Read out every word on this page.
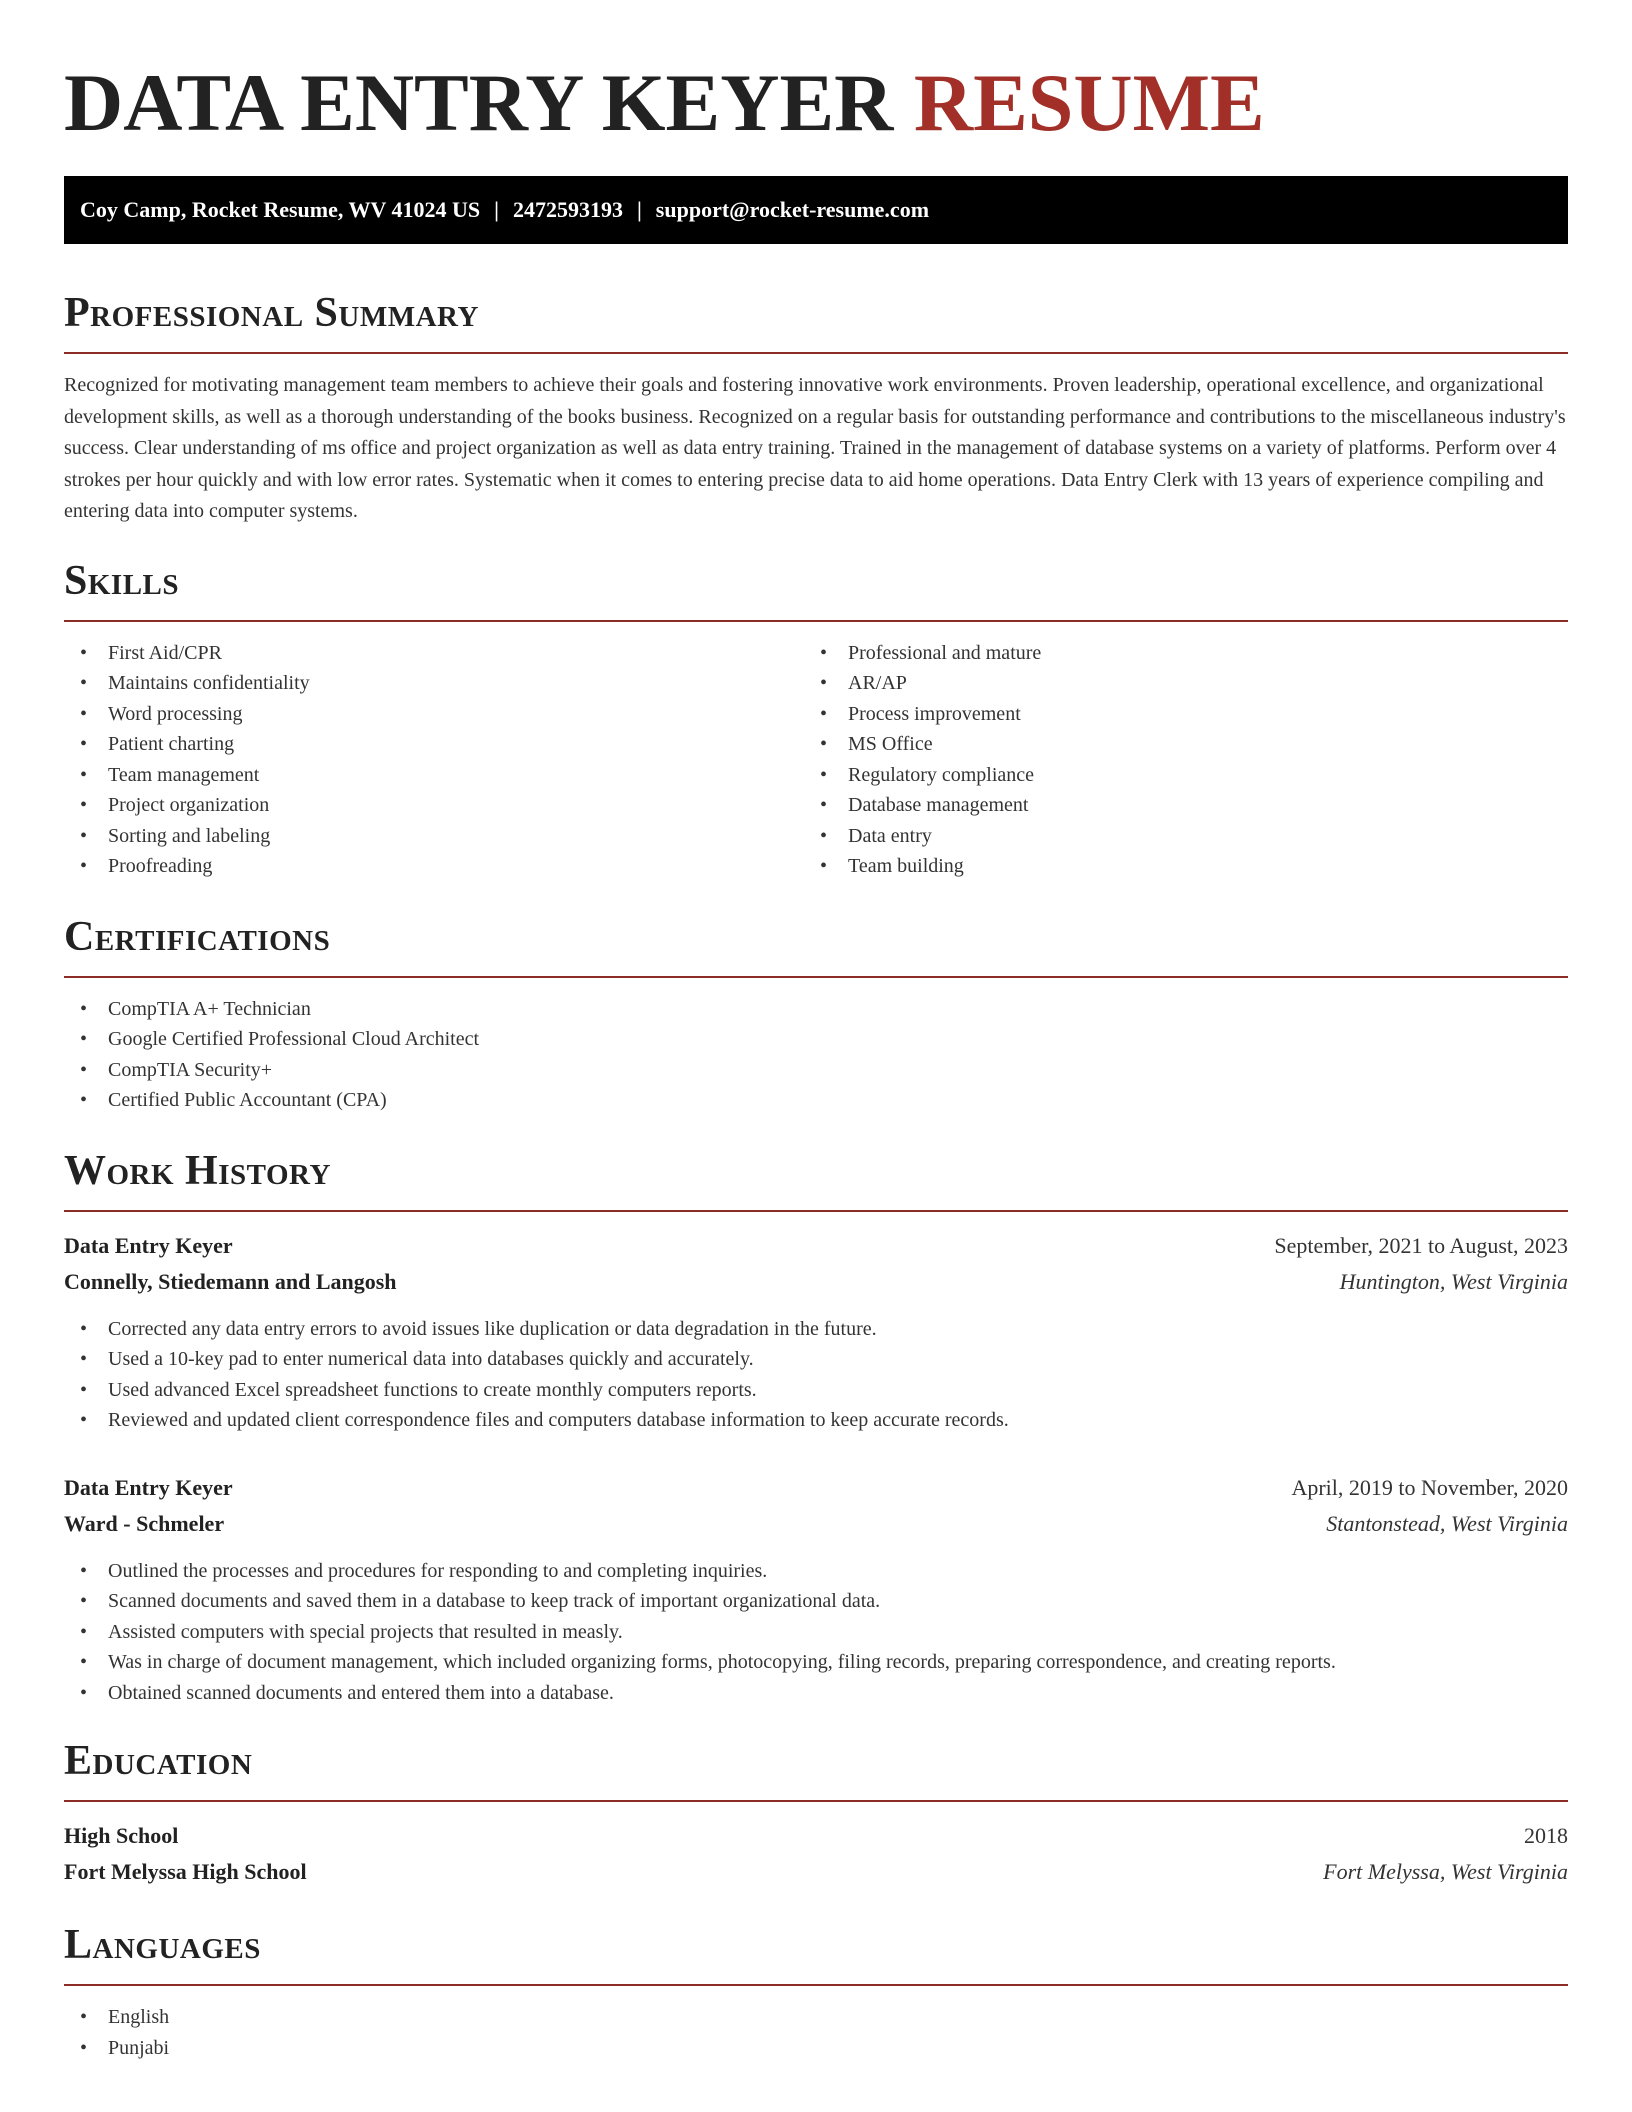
DATA ENTRY KEYER RESUME
Coy Camp, Rocket Resume, WV 41024 US | 2472593193 | support@rocket-resume.com
Professional Summary

Recognized for motivating management team members to achieve their goals and fostering innovative work environments. Proven leadership, operational excellence, and organizational development skills, as well as a thorough understanding of the books business. Recognized on a regular basis for outstanding performance and contributions to the miscellaneous industry's success. Clear understanding of ms office and project organization as well as data entry training. Trained in the management of database systems on a variety of platforms. Perform over 4 strokes per hour quickly and with low error rates. Systematic when it comes to entering precise data to aid home operations. Data Entry Clerk with 13 years of experience compiling and entering data into computer systems.

Skills
• First Aid/CPR
• Maintains confidentiality
• Word processing
• Patient charting
• Team management
• Project organization
• Sorting and labeling
• Proofreading
• Professional and mature
• AR/AP
• Process improvement
• MS Office
• Regulatory compliance
• Database management
• Data entry
• Team building
Certifications
• CompTIA A+ Technician
• Google Certified Professional Cloud Architect
• CompTIA Security+
• Certified Public Accountant (CPA)
Work History
Data Entry Keyer	September, 2021 to August, 2023
Connelly, Stiedemann and Langosh	Huntington, West Virginia
• Corrected any data entry errors to avoid issues like duplication or data degradation in the future.
• Used a 10-key pad to enter numerical data into databases quickly and accurately.
• Used advanced Excel spreadsheet functions to create monthly computers reports.
• Reviewed and updated client correspondence files and computers database information to keep accurate records.
Data Entry Keyer	April, 2019 to November, 2020
Ward - Schmeler	Stantonstead, West Virginia
• Outlined the processes and procedures for responding to and completing inquiries.
• Scanned documents and saved them in a database to keep track of important organizational data.
• Assisted computers with special projects that resulted in measly.
• Was in charge of document management, which included organizing forms, photocopying, filing records, preparing correspondence, and creating reports.
• Obtained scanned documents and entered them into a database.
Education
High School	2018
Fort Melyssa High School	Fort Melyssa, West Virginia
Languages
• English
• Punjabi
